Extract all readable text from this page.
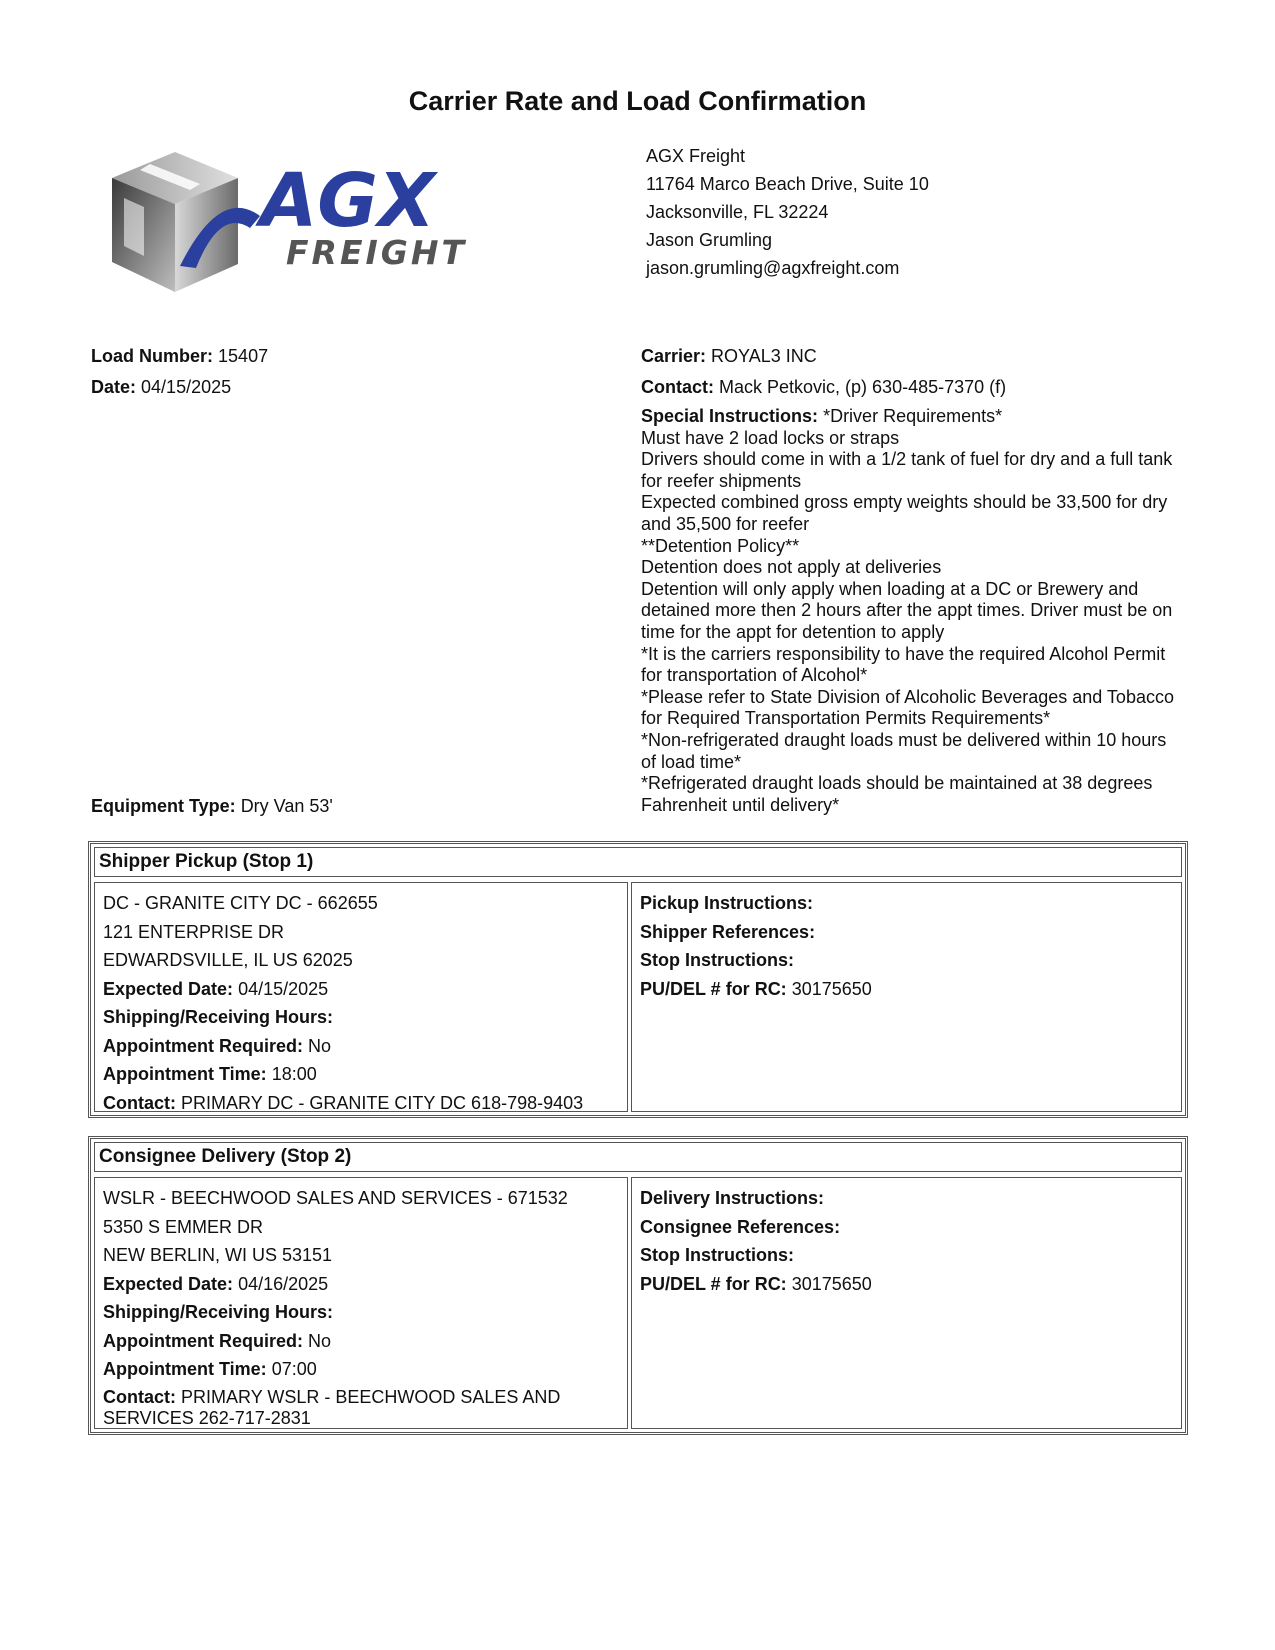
Carrier Rate and Load Confirmation
AGX
FREIGHT
AGX Freight
11764 Marco Beach Drive, Suite 10
Jacksonville, FL 32224
Jason Grumling
jason.grumling@agxfreight.com
Load Number: 15407
Date: 04/15/2025
Equipment Type: Dry Van 53'
Carrier: ROYAL3 INC
Contact: Mack Petkovic, (p) 630-485-7370 (f)
Special Instructions: *Driver Requirements*
Must have 2 load locks or straps
Drivers should come in with a 1/2 tank of fuel for dry and a full tank for reefer shipments
Expected combined gross empty weights should be 33,500 for dry and 35,500 for reefer
**Detention Policy**
Detention does not apply at deliveries
Detention will only apply when loading at a DC or Brewery and detained more then 2 hours after the appt times. Driver must be on time for the appt for detention to apply
*It is the carriers responsibility to have the required Alcohol Permit for transportation of Alcohol*
*Please refer to State Division of Alcoholic Beverages and Tobacco for Required Transportation Permits Requirements*
*Non-refrigerated draught loads must be delivered within 10 hours of load time*
*Refrigerated draught loads should be maintained at 38 degrees Fahrenheit until delivery*
Shipper Pickup (Stop 1)
DC - GRANITE CITY DC - 662655
121 ENTERPRISE DR
EDWARDSVILLE, IL US 62025
Expected Date: 04/15/2025
Shipping/Receiving Hours:
Appointment Required: No
Appointment Time: 18:00
Contact: PRIMARY DC - GRANITE CITY DC 618-798-9403
Pickup Instructions:
Shipper References:
Stop Instructions:
PU/DEL # for RC: 30175650
Consignee Delivery (Stop 2)
WSLR - BEECHWOOD SALES AND SERVICES - 671532
5350 S EMMER DR
NEW BERLIN, WI US 53151
Expected Date: 04/16/2025
Shipping/Receiving Hours:
Appointment Required: No
Appointment Time: 07:00
Contact: PRIMARY WSLR - BEECHWOOD SALES AND SERVICES 262-717-2831
Delivery Instructions:
Consignee References:
Stop Instructions:
PU/DEL # for RC: 30175650
